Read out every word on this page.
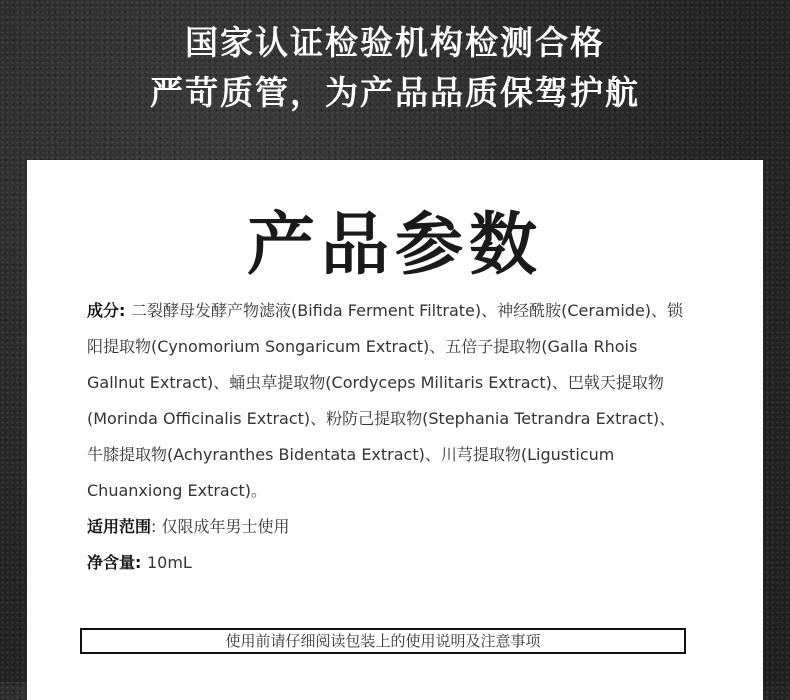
国家认证检验机构检测合格
严苛质管，为产品品质保驾护航
产品参数
成分: 二裂酵母发酵产物滤液(Bifida Ferment Filtrate)、神经酰胺(Ceramide)、锁阳提取物(Cynomorium Songaricum Extract)、五倍子提取物(Galla Rhois Gallnut Extract)、蛹虫草提取物(Cordyceps Militaris Extract)、巴戟天提取物(Morinda Officinalis Extract)、粉防己提取物(Stephania Tetrandra Extract)、牛膝提取物(Achyranthes Bidentata Extract)、川芎提取物(Ligusticum Chuanxiong Extract)。
适用范围: 仅限成年男士使用
净含量: 10mL
使用前请仔细阅读包装上的使用说明及注意事项
